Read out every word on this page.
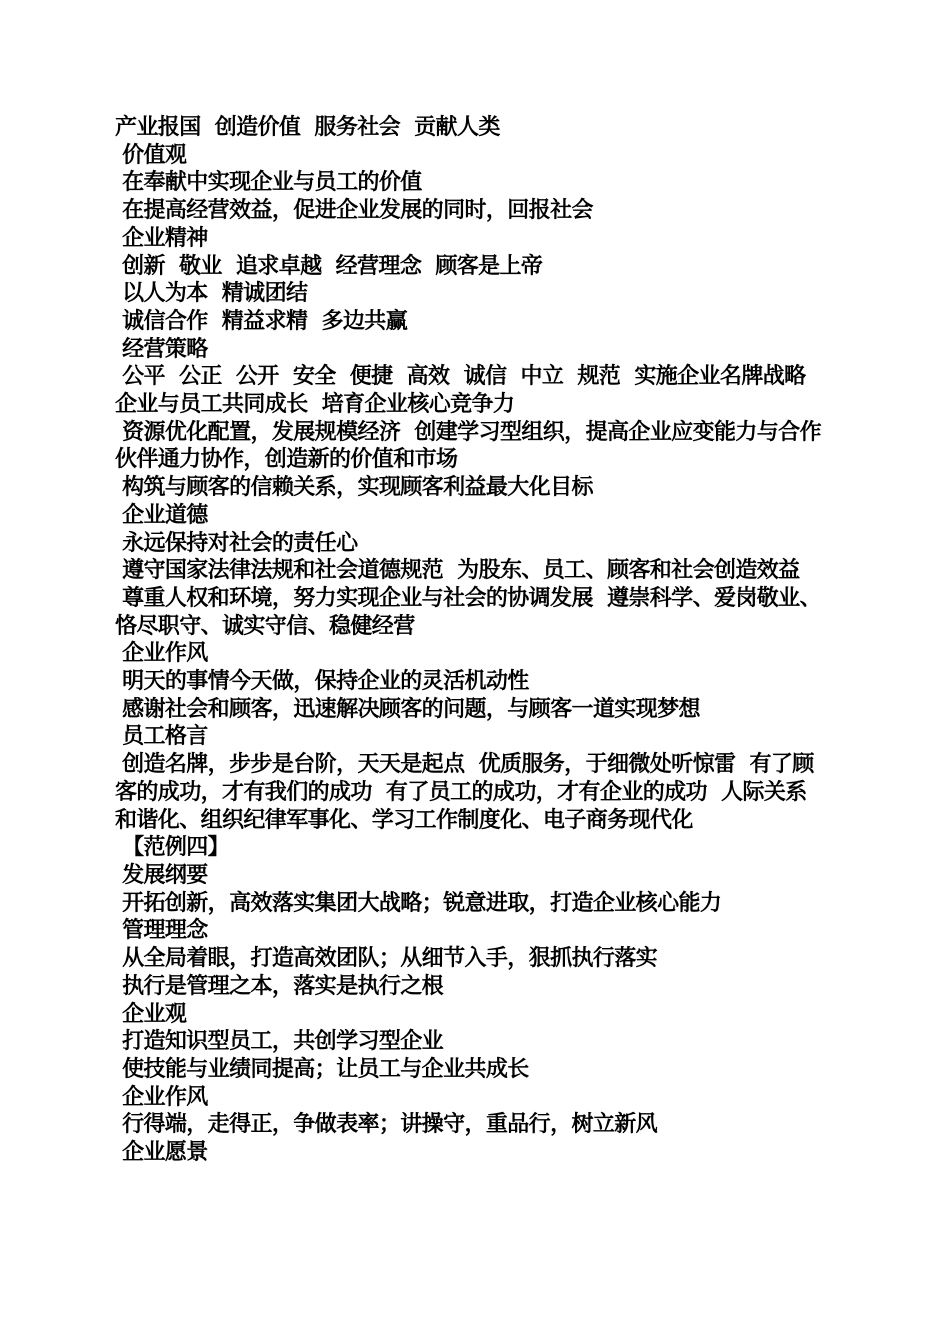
产业报国  创造价值  服务社会  贡献人类

价值观

在奉献中实现企业与员工的价值

在提高经营效益，促进企业发展的同时，回报社会

企业精神

创新  敬业  追求卓越  经营理念  顾客是上帝

以人为本  精诚团结

诚信合作  精益求精  多边共赢

经营策略

公平  公正  公开  安全  便捷  高效  诚信  中立  规范  实施企业名牌战略  企业与员工共同成长  培育企业核心竞争力

资源优化配置，发展规模经济  创建学习型组织，提高企业应变能力与合作伙伴通力协作，创造新的价值和市场

构筑与顾客的信赖关系，实现顾客利益最大化目标

企业道德

永远保持对社会的责任心

遵守国家法律法规和社会道德规范  为股东、员工、顾客和社会创造效益

尊重人权和环境，努力实现企业与社会的协调发展  遵崇科学、爱岗敬业、恪尽职守、诚实守信、稳健经营

企业作风

明天的事情今天做，保持企业的灵活机动性

感谢社会和顾客，迅速解决顾客的问题，与顾客一道实现梦想

员工格言

创造名牌，步步是台阶，天天是起点  优质服务，于细微处听惊雷  有了顾客的成功，才有我们的成功  有了员工的成功，才有企业的成功  人际关系和谐化、组织纪律军事化、学习工作制度化、电子商务现代化

【范例四】

发展纲要

开拓创新，高效落实集团大战略；锐意进取，打造企业核心能力

管理理念

从全局着眼，打造高效团队；从细节入手，狠抓执行落实

执行是管理之本，落实是执行之根

企业观

打造知识型员工，共创学习型企业

使技能与业绩同提高；让员工与企业共成长

企业作风

行得端，走得正，争做表率；讲操守，重品行，树立新风

企业愿景
